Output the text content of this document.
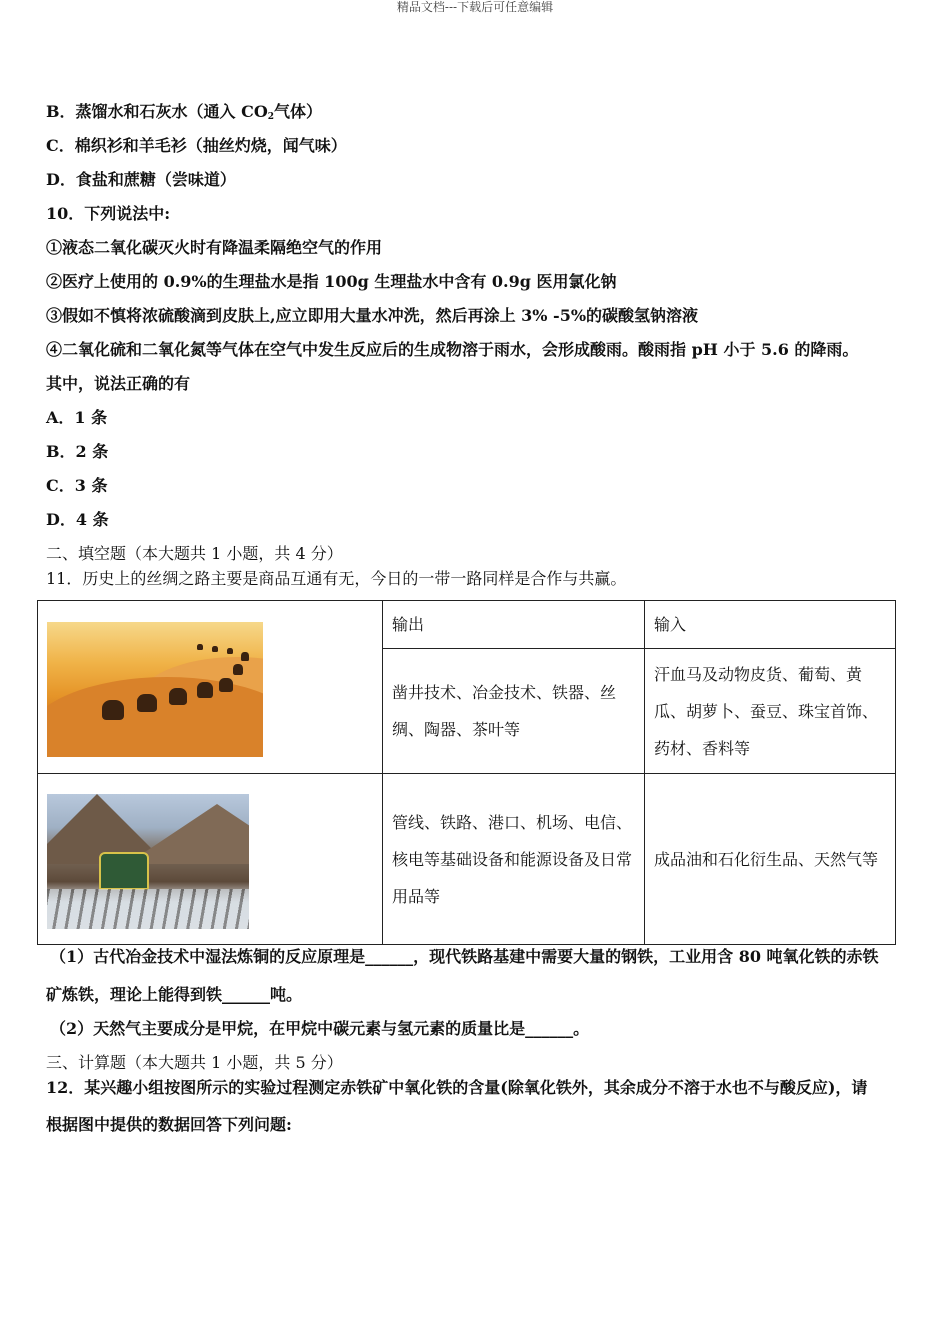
精品文档---下载后可任意编辑
B．蒸馏水和石灰水（通入 $CO_2$气体）
C．棉织衫和羊毛衫（抽丝灼烧，闻气味）
D．食盐和蔗糖（尝味道）
10．下列说法中:
①液态二氧化碳灭火时有降温柔隔绝空气的作用
②医疗上使用的 0.9%的生理盐水是指 100g 生理盐水中含有 0.9g 医用氯化钠
③假如不慎将浓硫酸滴到皮肤上,应立即用大量水冲洗，然后再涂上 3% -5%的碳酸氢钠溶液
④二氧化硫和二氧化氮等气体在空气中发生反应后的生成物溶于雨水，会形成酸雨。酸雨指 pH 小于 5.6 的降雨。
其中，说法正确的有
A．1 条
B．2 条
C．3 条
D．4 条
二、填空题（本大题共 1 小题，共 4 分）
11．历史上的丝绸之路主要是商品互通有无，今日的一带一路同样是合作与共赢。
	输出	输入
	凿井技术、冶金技术、铁器、丝绸、陶器、茶叶等	汗血马及动物皮货、葡萄、黄瓜、胡萝卜、蚕豆、珠宝首饰、药材、香料等

	管线、铁路、港口、机场、电信、核电等基础设备和能源设备及日常用品等	成品油和石化衍生品、天然气等
（1）古代冶金技术中湿法炼铜的反应原理是______，现代铁路基建中需要大量的钢铁，工业用含 80 吨氧化铁的赤铁
矿炼铁，理论上能得到铁______吨。
（2）天然气主要成分是甲烷，在甲烷中碳元素与氢元素的质量比是______。
三、计算题（本大题共 1 小题，共 5 分）
12．某兴趣小组按图所示的实验过程测定赤铁矿中氧化铁的含量(除氧化铁外，其余成分不溶于水也不与酸反应)，请
根据图中提供的数据回答下列问题:
